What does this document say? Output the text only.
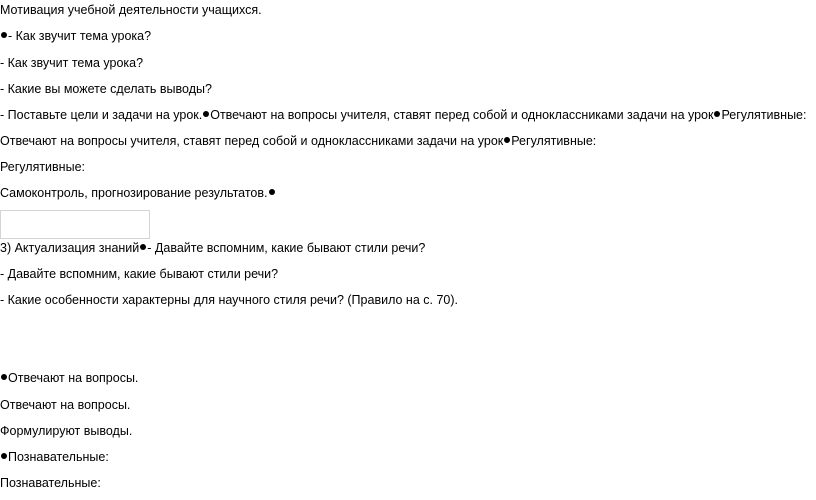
Мотивация учебной деятельности учащихся.
- Как звучит тема урока?
- Как звучит тема урока?
- Какие вы можете сделать выводы?
- Поставьте цели и задачи на урок. Отвечают на вопросы учителя, ставят перед собой и одноклассниками задачи на урок Регулятивные:
Отвечают на вопросы учителя, ставят перед собой и одноклассниками задачи на урок Регулятивные:
Регулятивные:
Самоконтроль, прогнозирование результатов.
3) Актуализация знаний - Давайте вспомним, какие бывают стили речи?
- Давайте вспомним, какие бывают стили речи?
- Какие особенности характерны для научного стиля речи? (Правило на с. 70).
Отвечают на вопросы.
Отвечают на вопросы.
Формулируют выводы.
Познавательные:
Познавательные:
